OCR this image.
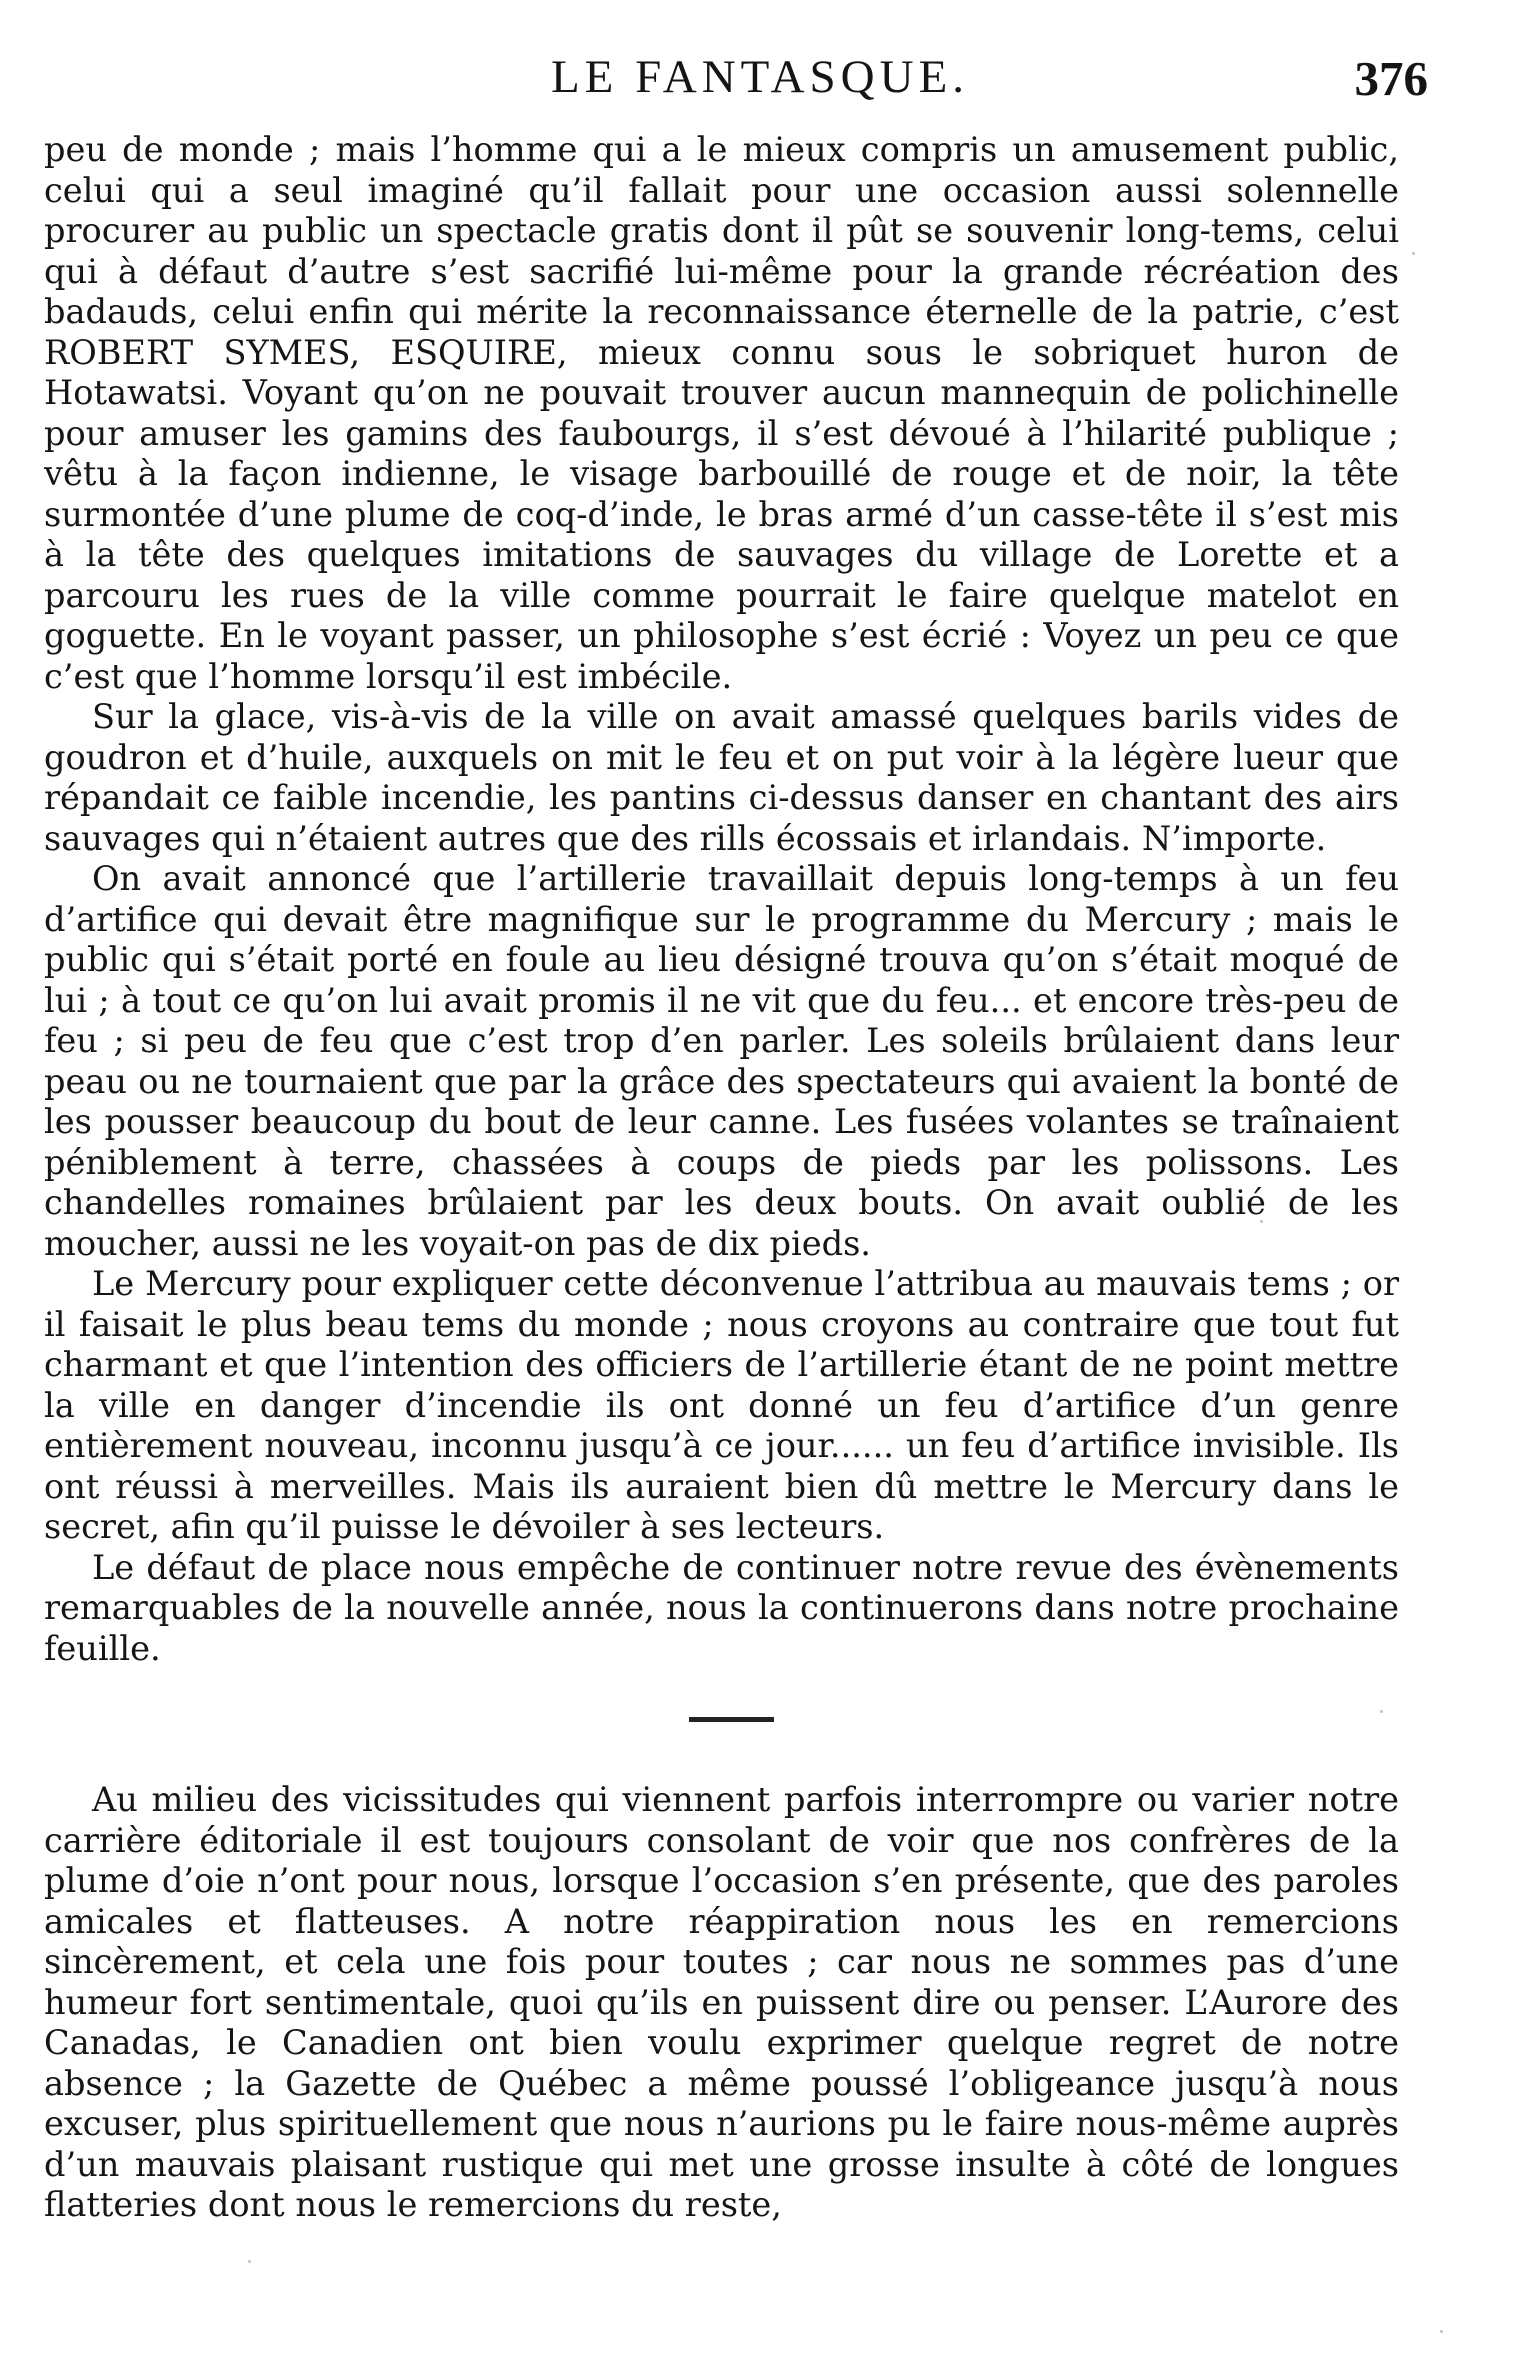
LE FANTASQUE.	376

peu de monde ; mais l’homme qui a le mieux compris un amusement public, celui qui a seul imaginé qu’il fallait pour une occasion aussi solennelle procurer au public un spectacle gratis dont il pût se souvenir long-tems, celui qui à défaut d’autre s’est sacrifié lui-même pour la grande récréation des badauds, celui enfin qui mérite la reconnaissance éternelle de la patrie, c’est ROBERT SYMES, ESQUIRE, mieux connu sous le sobriquet huron de Hotawatsi. Voyant qu’on ne pouvait trouver aucun mannequin de polichinelle pour amuser les gamins des faubourgs, il s’est dévoué à l’hilarité publique ; vêtu à la façon indienne, le visage barbouillé de rouge et de noir, la tête surmontée d’une plume de coq-d’inde, le bras armé d’un casse-tête il s’est mis à la tête des quelques imitations de sauvages du village de Lorette et a parcouru les rues de la ville comme pourrait le faire quelque matelot en goguette. En le voyant passer, un philosophe s’est écrié : Voyez un peu ce que c’est que l’homme lorsqu’il est imbécile.

Sur la glace, vis-à-vis de la ville on avait amassé quelques barils vides de goudron et d’huile, auxquels on mit le feu et on put voir à la légère lueur que répandait ce faible incendie, les pantins ci-dessus danser en chantant des airs sauvages qui n’étaient autres que des rills écossais et irlandais. N’importe.

On avait annoncé que l’artillerie travaillait depuis long-temps à un feu d’artifice qui devait être magnifique sur le programme du Mercury ; mais le public qui s’était porté en foule au lieu désigné trouva qu’on s’était moqué de lui ; à tout ce qu’on lui avait promis il ne vit que du feu... et encore très-peu de feu ; si peu de feu que c’est trop d’en parler. Les soleils brûlaient dans leur peau ou ne tournaient que par la grâce des spectateurs qui avaient la bonté de les pousser beaucoup du bout de leur canne. Les fusées volantes se traînaient péniblement à terre, chassées à coups de pieds par les polissons. Les chandelles romaines brûlaient par les deux bouts. On avait oublié de les moucher, aussi ne les voyait-on pas de dix pieds.

Le Mercury pour expliquer cette déconvenue l’attribua au mauvais tems ; or il faisait le plus beau tems du monde ; nous croyons au contraire que tout fut charmant et que l’intention des officiers de l’artillerie étant de ne point mettre la ville en danger d’incendie ils ont donné un feu d’artifice d’un genre entièrement nouveau, inconnu jusqu’à ce jour...... un feu d’artifice invisible. Ils ont réussi à merveilles. Mais ils auraient bien dû mettre le Mercury dans le secret, afin qu’il puisse le dévoiler à ses lecteurs.

Le défaut de place nous empêche de continuer notre revue des évènements remarquables de la nouvelle année, nous la continuerons dans notre prochaine feuille.

Au milieu des vicissitudes qui viennent parfois interrompre ou varier notre carrière éditoriale il est toujours consolant de voir que nos confrères de la plume d’oie n’ont pour nous, lorsque l’occasion s’en présente, que des paroles amicales et flatteuses. A notre réappiration nous les en remercions sincèrement, et cela une fois pour toutes ; car nous ne sommes pas d’une humeur fort sentimentale, quoi qu’ils en puissent dire ou penser. L’Aurore des Canadas, le Canadien ont bien voulu exprimer quelque regret de notre absence ; la Gazette de Québec a même poussé l’obligeance jusqu’à nous excuser, plus spirituellement que nous n’aurions pu le faire nous-même auprès d’un mauvais plaisant rustique qui met une grosse insulte à côté de longues flatteries dont nous le remercions du reste,
